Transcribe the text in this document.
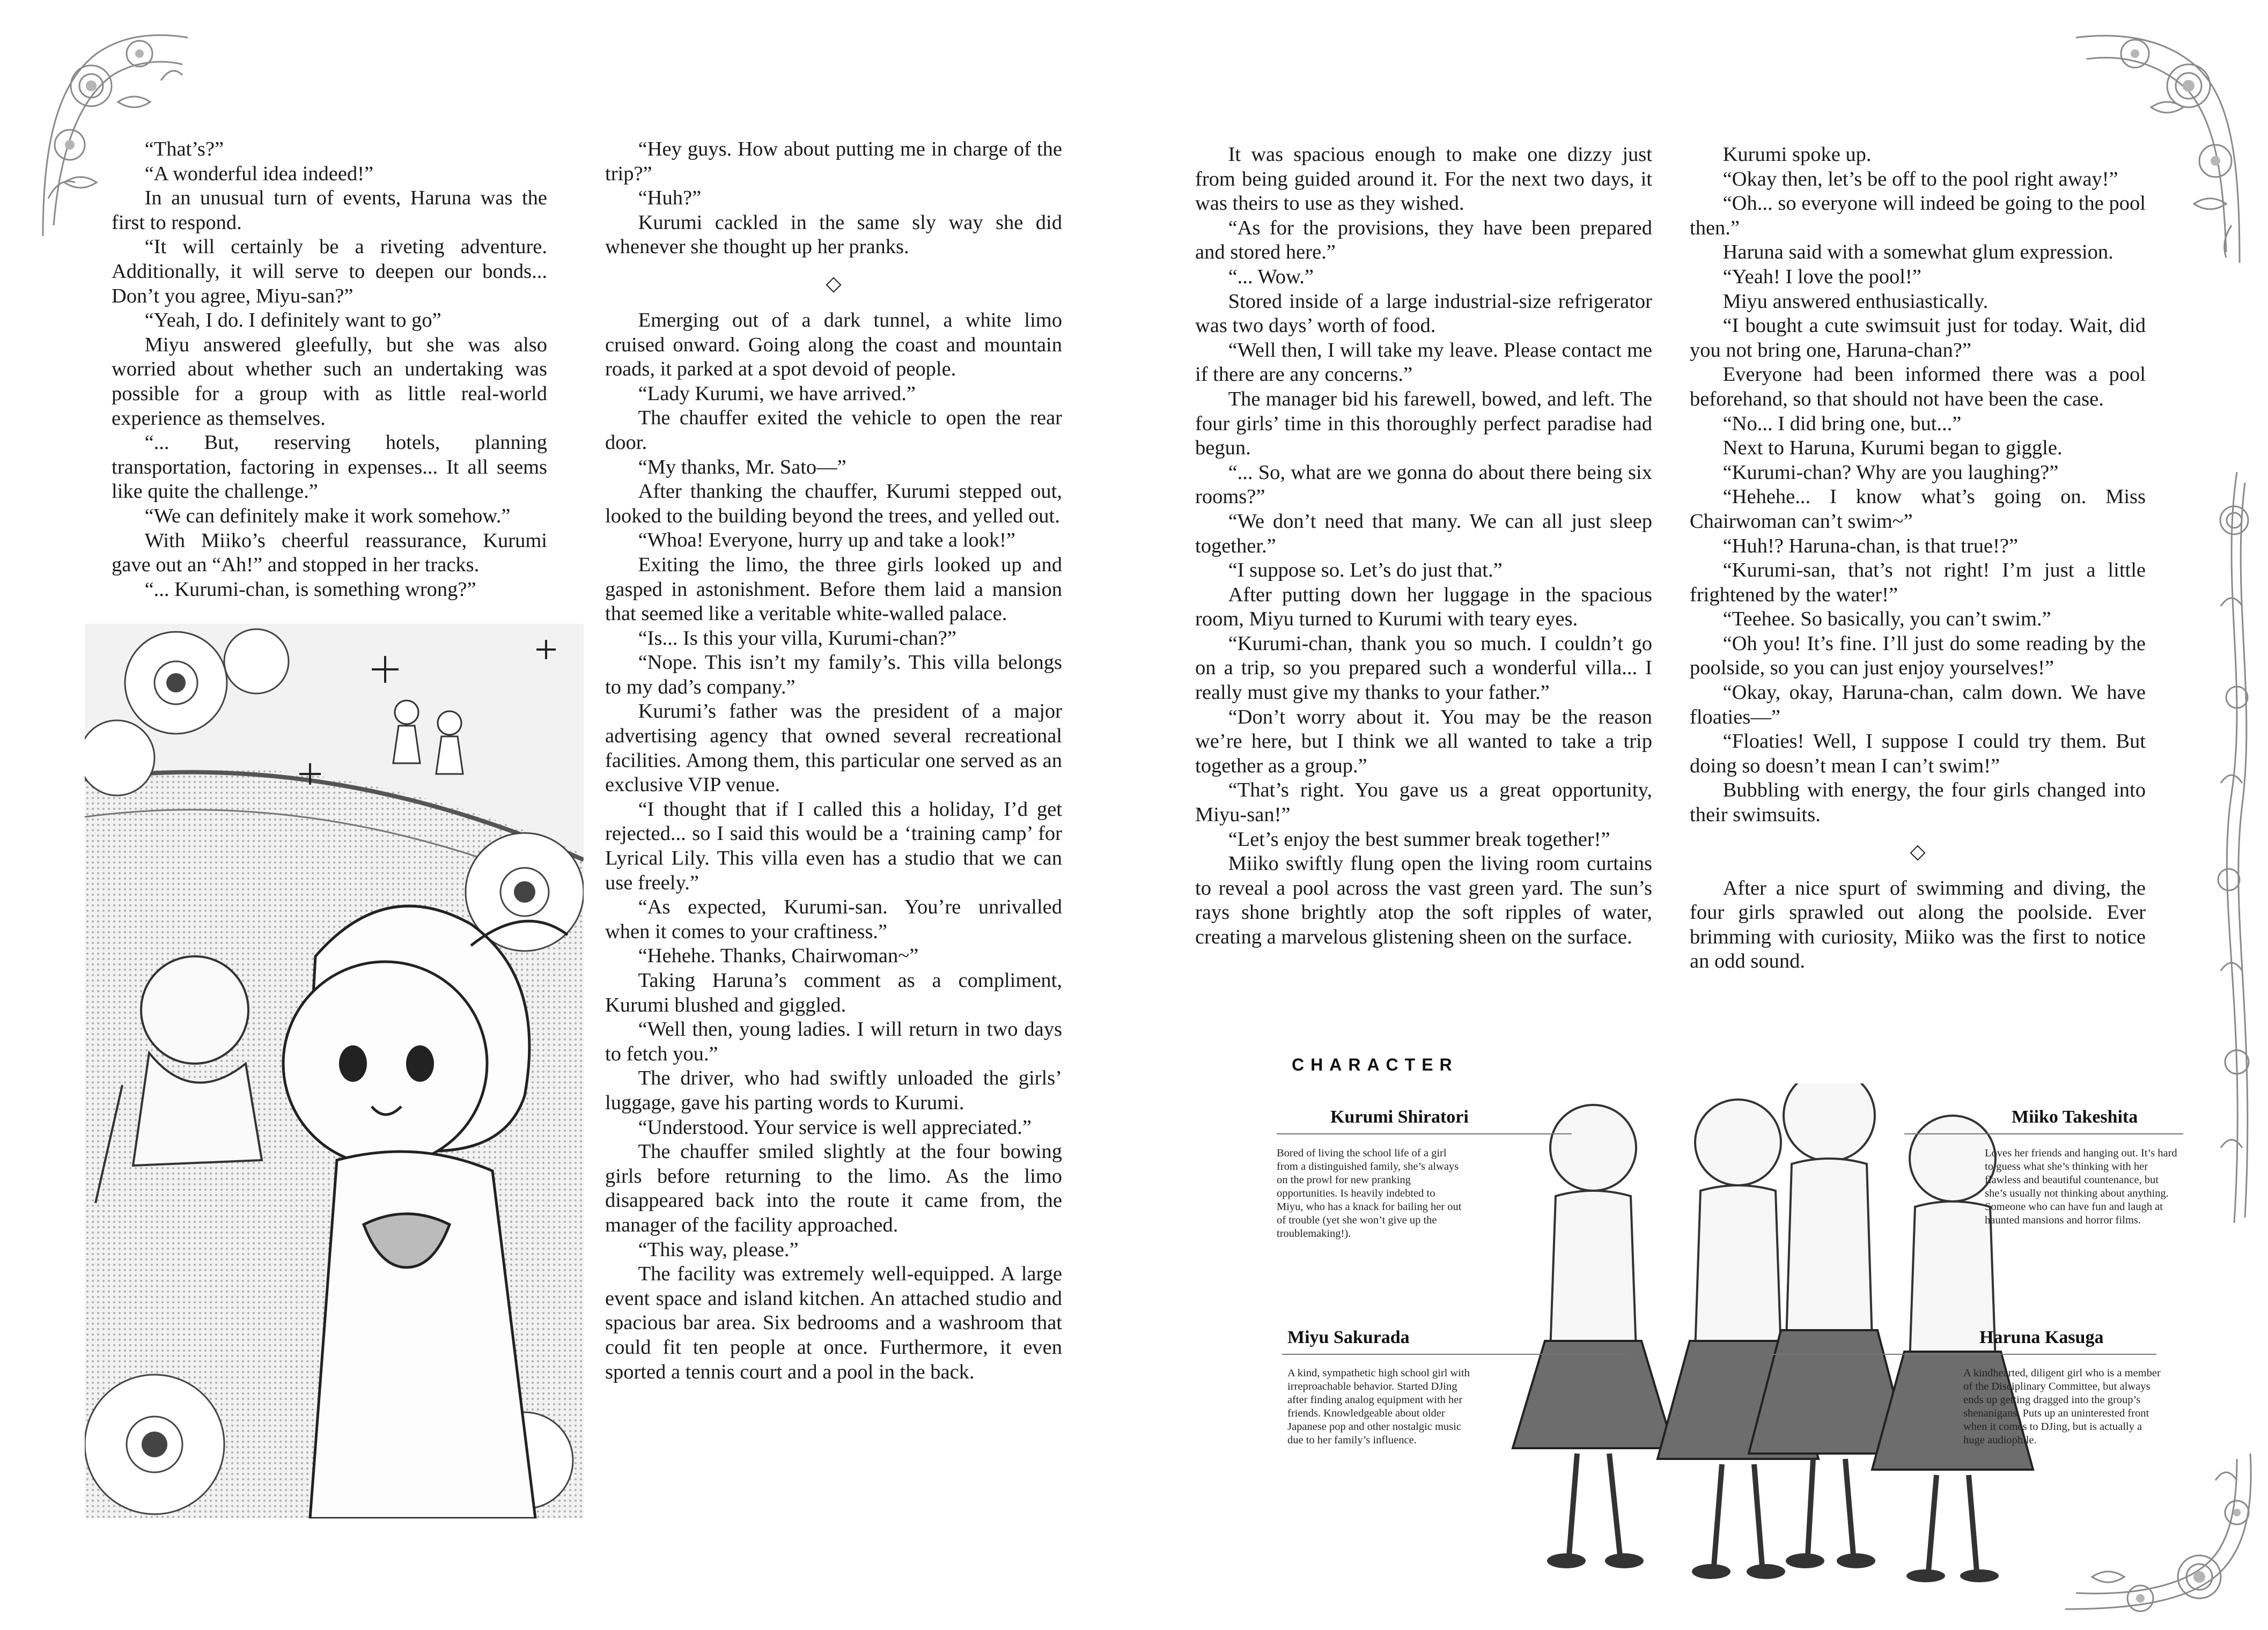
“That’s?”

“A wonderful idea indeed!”

In an unusual turn of events, Haruna was the first to respond.

“It will certainly be a riveting adventure. Additionally, it will serve to deepen our bonds... Don’t you agree, Miyu-san?”

“Yeah, I do. I definitely want to go”

Miyu answered gleefully, but she was also worried about whether such an undertaking was possible for a group with as little real-world experience as themselves.

“... But, reserving hotels, planning transportation, factoring in expenses... It all seems like quite the challenge.”

“We can definitely make it work somehow.”

With Miiko’s cheerful reassurance, Kurumi gave out an “Ah!” and stopped in her tracks.

“... Kurumi-chan, is something wrong?”

“Hey guys. How about putting me in charge of the trip?”

“Huh?”

Kurumi cackled in the same sly way she did whenever she thought up her pranks.

◇

Emerging out of a dark tunnel, a white limo cruised onward. Going along the coast and mountain roads, it parked at a spot devoid of people.

“Lady Kurumi, we have arrived.”

The chauffer exited the vehicle to open the rear door.

“My thanks, Mr. Sato—”

After thanking the chauffer, Kurumi stepped out, looked to the building beyond the trees, and yelled out.

“Whoa! Everyone, hurry up and take a look!”

Exiting the limo, the three girls looked up and gasped in astonishment. Before them laid a mansion that seemed like a veritable white-walled palace.

“Is... Is this your villa, Kurumi-chan?”

“Nope. This isn’t my family’s. This villa belongs to my dad’s company.”

Kurumi’s father was the president of a major advertising agency that owned several recreational facilities. Among them, this particular one served as an exclusive VIP venue.

“I thought that if I called this a holiday, I’d get rejected... so I said this would be a ‘training camp’ for Lyrical Lily. This villa even has a studio that we can use freely.”

“As expected, Kurumi-san. You’re unrivalled when it comes to your craftiness.”

“Hehehe. Thanks, Chairwoman~”

Taking Haruna’s comment as a compliment, Kurumi blushed and giggled.

“Well then, young ladies. I will return in two days to fetch you.”

The driver, who had swiftly unloaded the girls’ luggage, gave his parting words to Kurumi.

“Understood. Your service is well appreciated.”

The chauffer smiled slightly at the four bowing girls before returning to the limo. As the limo disappeared back into the route it came from, the manager of the facility approached.

“This way, please.”

The facility was extremely well-equipped. A large event space and island kitchen. An attached studio and spacious bar area. Six bedrooms and a washroom that could fit ten people at once. Furthermore, it even sported a tennis court and a pool in the back.

It was spacious enough to make one dizzy just from being guided around it. For the next two days, it was theirs to use as they wished.

“As for the provisions, they have been prepared and stored here.”

“... Wow.”

Stored inside of a large industrial-size refrigerator was two days’ worth of food.

“Well then, I will take my leave. Please contact me if there are any concerns.”

The manager bid his farewell, bowed, and left. The four girls’ time in this thoroughly perfect paradise had begun.

“... So, what are we gonna do about there being six rooms?”

“We don’t need that many. We can all just sleep together.”

“I suppose so. Let’s do just that.”

After putting down her luggage in the spacious room, Miyu turned to Kurumi with teary eyes.

“Kurumi-chan, thank you so much. I couldn’t go on a trip, so you prepared such a wonderful villa... I really must give my thanks to your father.”

“Don’t worry about it. You may be the reason we’re here, but I think we all wanted to take a trip together as a group.”

“That’s right. You gave us a great opportunity, Miyu-san!”

“Let’s enjoy the best summer break together!”

Miiko swiftly flung open the living room curtains to reveal a pool across the vast green yard. The sun’s rays shone brightly atop the soft ripples of water, creating a marvelous glistening sheen on the surface.

Kurumi spoke up.

“Okay then, let’s be off to the pool right away!”

“Oh... so everyone will indeed be going to the pool then.”

Haruna said with a somewhat glum expression.

“Yeah! I love the pool!”

Miyu answered enthusiastically.

“I bought a cute swimsuit just for today. Wait, did you not bring one, Haruna-chan?”

Everyone had been informed there was a pool beforehand, so that should not have been the case.

“No... I did bring one, but...”

Next to Haruna, Kurumi began to giggle.

“Kurumi-chan? Why are you laughing?”

“Hehehe... I know what’s going on. Miss Chairwoman can’t swim~”

“Huh!? Haruna-chan, is that true!?”

“Kurumi-san, that’s not right! I’m just a little frightened by the water!”

“Teehee. So basically, you can’t swim.”

“Oh you! It’s fine. I’ll just do some reading by the poolside, so you can just enjoy yourselves!”

“Okay, okay, Haruna-chan, calm down. We have floaties—”

“Floaties! Well, I suppose I could try them. But doing so doesn’t mean I can’t swim!”

Bubbling with energy, the four girls changed into their swimsuits.

◇

After a nice spurt of swimming and diving, the four girls sprawled out along the poolside. Ever brimming with curiosity, Miiko was the first to notice an odd sound.

CHARACTER
Kurumi Shiratori
Bored of living the school life of a girl from a distinguished family, she’s always on the prowl for new pranking opportunities. Is heavily indebted to Miyu, who has a knack for bailing her out of trouble (yet she won’t give up the troublemaking!).
Miiko Takeshita
Loves her friends and hanging out. It’s hard to guess what she’s thinking with her flawless and beautiful countenance, but she’s usually not thinking about anything. Someone who can have fun and laugh at haunted mansions and horror films.
Miyu Sakurada
A kind, sympathetic high school girl with irreproachable behavior. Started DJing after finding analog equipment with her friends. Knowledgeable about older Japanese pop and other nostalgic music due to her family’s influence.
Haruna Kasuga
A kindhearted, diligent girl who is a member of the Disciplinary Committee, but always ends up getting dragged into the group’s shenanigans. Puts up an uninterested front when it comes to DJing, but is actually a huge audiophile.
